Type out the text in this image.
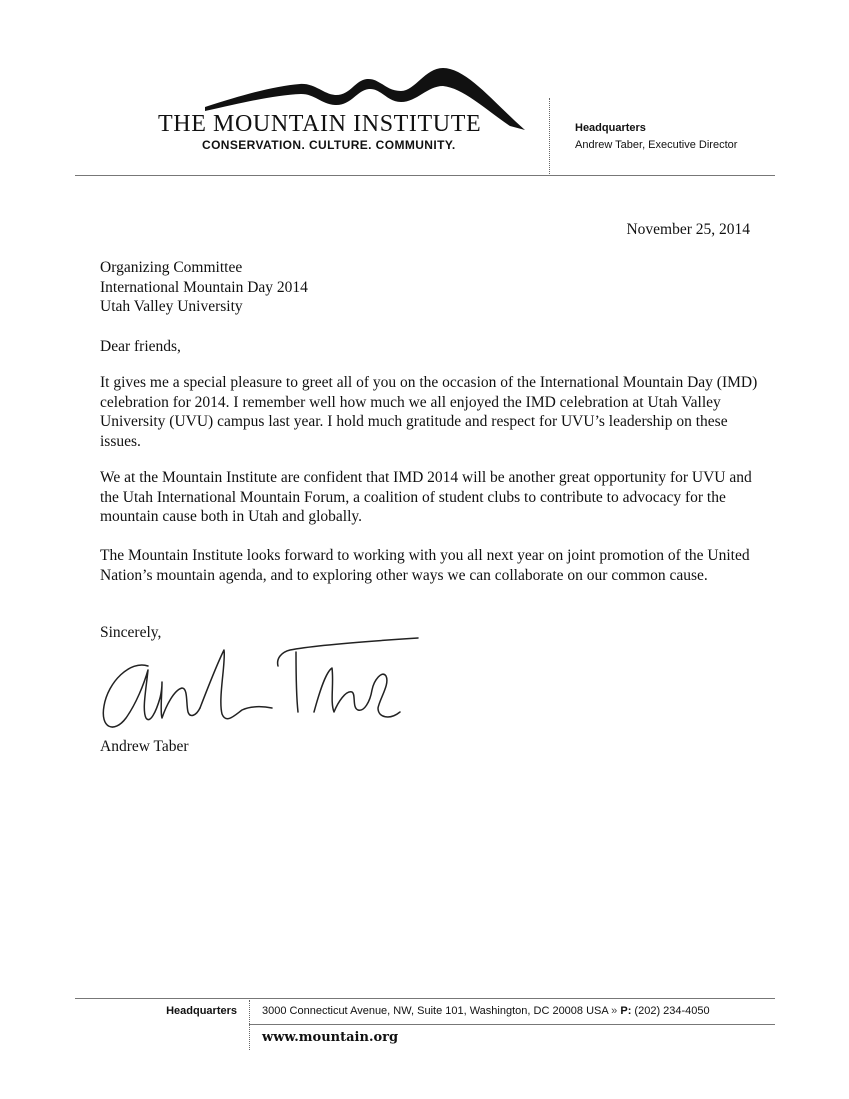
THE MOUNTAIN INSTITUTE
CONSERVATION. CULTURE. COMMUNITY.
Headquarters
Andrew Taber, Executive Director
November 25, 2014
Organizing Committee
International Mountain Day 2014
Utah Valley University
Dear friends,
It gives me a special pleasure to greet all of you on the occasion of the International Mountain Day (IMD) celebration for 2014. I remember well how much we all enjoyed the IMD celebration at Utah Valley University (UVU) campus last year. I hold much gratitude and respect for UVU’s leadership on these issues.
We at the Mountain Institute are confident that IMD 2014 will be another great opportunity for UVU and the Utah International Mountain Forum, a coalition of student clubs to contribute to advocacy for the mountain cause both in Utah and globally.
The Mountain Institute looks forward to working with you all next year on joint promotion of the United Nation’s mountain agenda, and to exploring other ways we can collaborate on our common cause.
Sincerely,
Andrew Taber
Headquarters 3000 Connecticut Avenue, NW, Suite 101, Washington, DC 20008 USA » P: (202) 234-4050
www.mountain.org
